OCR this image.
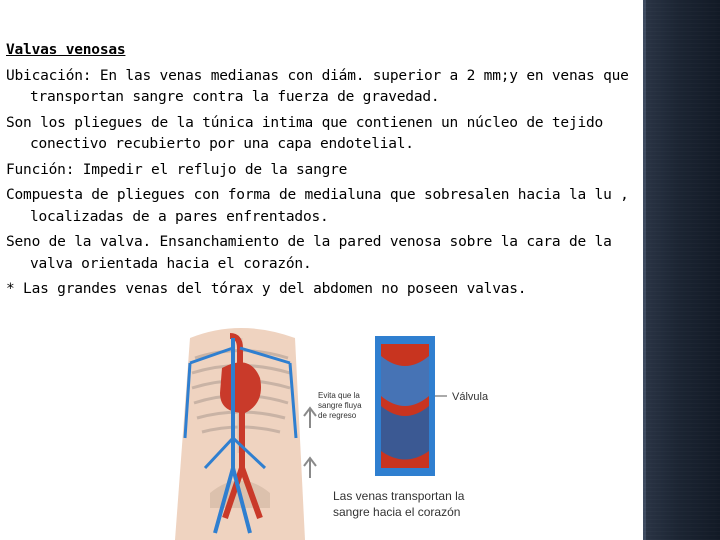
Valvas venosas
Ubicación: En las venas medianas con diám. superior a 2 mm;y en venas que transportan sangre contra la fuerza de gravedad.
Son los pliegues de la túnica intima que contienen un núcleo de tejido conectivo recubierto por una capa endotelial.
Función: Impedir el reflujo de la sangre
Compuesta de pliegues con forma de medialuna que sobresalen hacia la lu , localizadas de a pares enfrentados.
Seno de la valva. Ensanchamiento de la pared venosa sobre la cara de la valva orientada hacia el corazón.
* Las grandes venas del tórax y del abdomen no poseen valvas.
Evita que la
sangre fluya
de regreso
Válvula
Las venas transportan la
sangre hacia el corazón
